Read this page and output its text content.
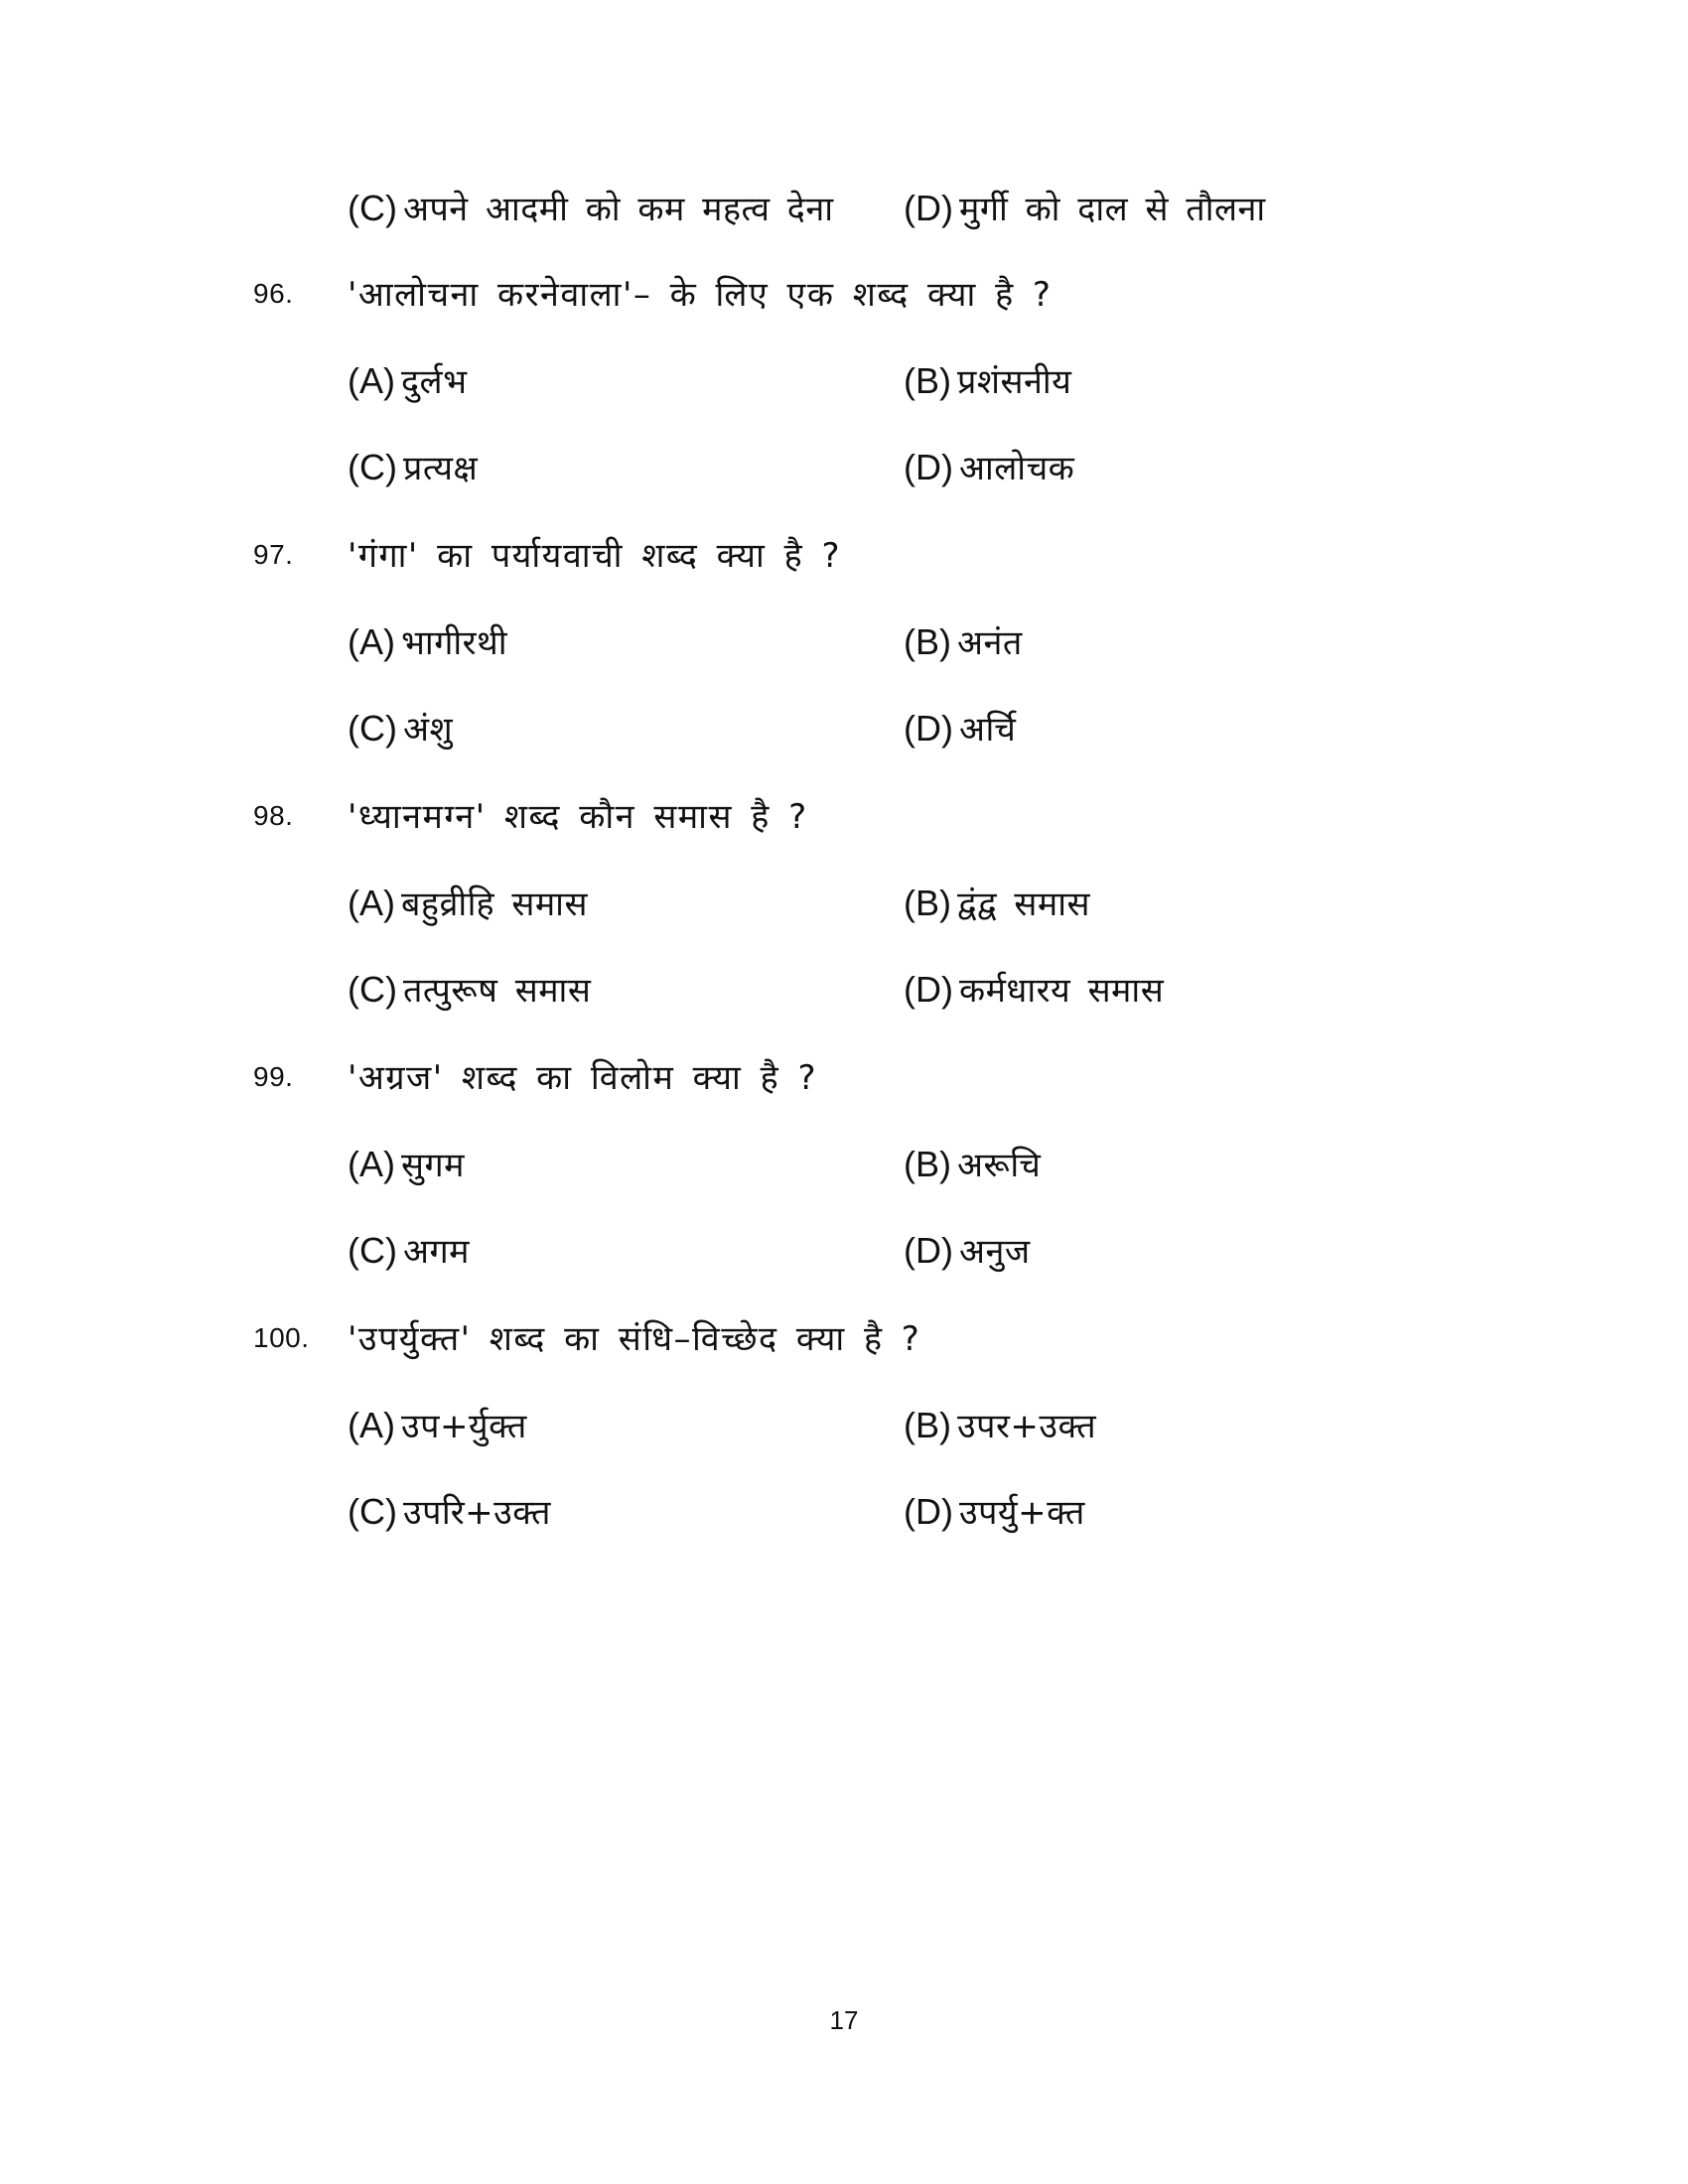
(C) अपने आदमी को कम महत्व देना (D) मुर्गी को दाल से तौलना
96.	'आलोचना करनेवाला'– के लिए एक शब्द क्या है ?
(A) दुर्लभ	(B) प्रशंसनीय
(C) प्रत्यक्ष	(D) आलोचक
97.	'गंगा' का पर्यायवाची शब्द क्या है ?
(A) भागीरथी	(B) अनंत
(C) अंशु	(D) अर्चि
98.	'ध्यानमग्न' शब्द कौन समास है ?
(A) बहुव्रीहि समास	(B) द्वंद्व समास
(C) तत्पुरूष समास	(D) कर्मधारय समास
99.	'अग्रज' शब्द का विलोम क्या है ?
(A) सुगम	(B) अरूचि
(C) अगम	(D) अनुज
100.	'उपर्युक्त' शब्द का संधि–विच्छेद क्या है ?
(A) उप+र्युक्त	(B) उपर+उक्त
(C) उपरि+उक्त	(D) उपर्यु+क्त
17
